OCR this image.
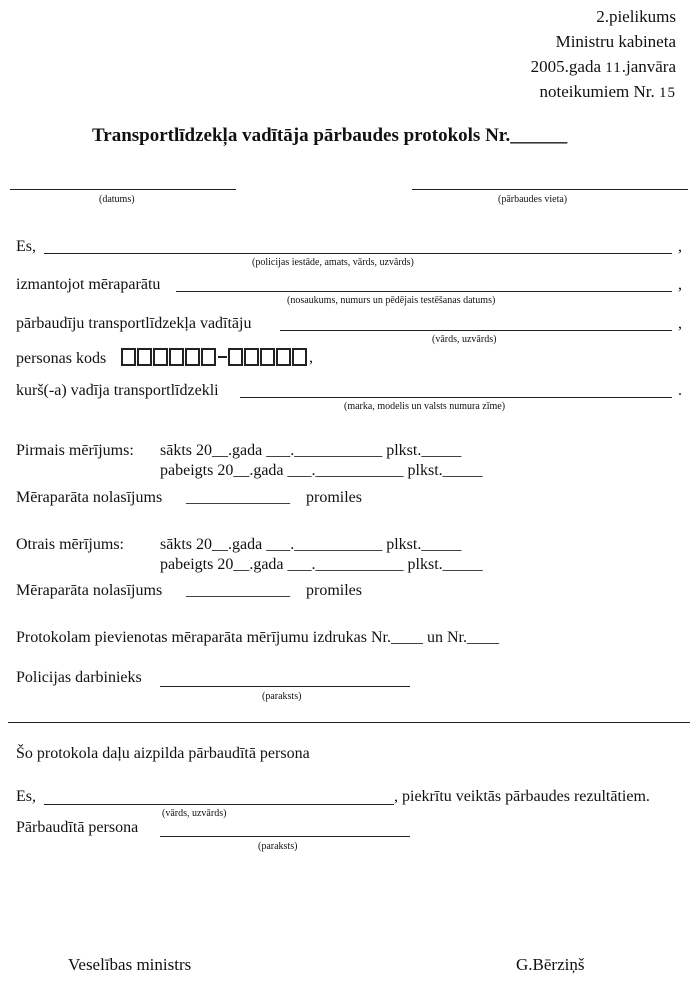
2.pielikums
Ministru kabineta
2005.gada 11.janvāra
noteikumiem Nr. 15
Transportlīdzekļa vadītāja pārbaudes protokols Nr.______
(datums)	(pārbaudes vieta)
Es,	,
(policijas iestāde, amats, vārds, uzvārds)
izmantojot mēraparātu	,
(nosaukums, numurs un pēdējais testēšanas datums)
pārbaudīju transportlīdzekļa vadītāju	,
(vārds, uzvārds)
personas kods	,
kurš(-a) vadīja transportlīdzekli	.
(marka, modelis un valsts numura zīme)
Pirmais mērījums: sākts 20__.gada ___.___________ plkst._____
pabeigts 20__.gada ___.___________ plkst._____
Mēraparāta nolasījums _____________ promiles
Otrais mērījums: sākts 20__.gada ___.___________ plkst._____
pabeigts 20__.gada ___.___________ plkst._____
Mēraparāta nolasījums _____________ promiles
Protokolam pievienotas mēraparāta mērījumu izdrukas Nr.____ un Nr.____
Policijas darbinieks
(paraksts)
Šo protokola daļu aizpilda pārbaudītā persona
Es,	, piekrītu veiktās pārbaudes rezultātiem.
(vārds, uzvārds)
Pārbaudītā persona
(paraksts)
Veselības ministrs	G.Bērziņš
